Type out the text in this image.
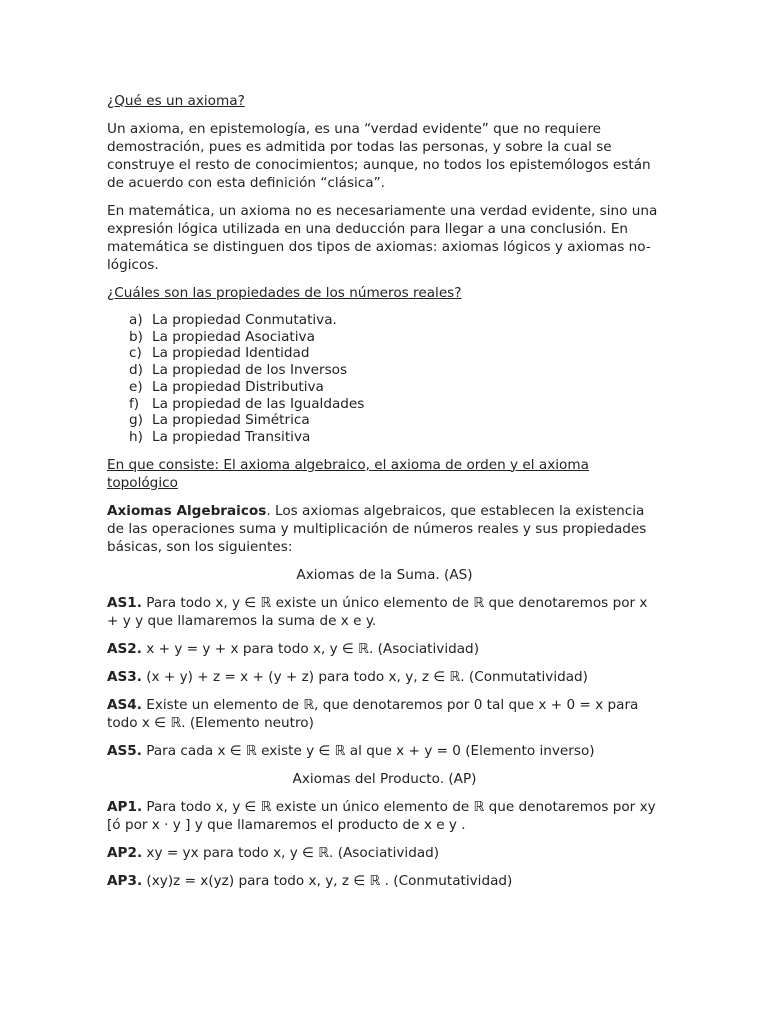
¿Qué es un axioma?

Un axioma, en epistemología, es una “verdad evidente” que no requiere demostración, pues es admitida por todas las personas, y sobre la cual se construye el resto de conocimientos; aunque, no todos los epistemólogos están de acuerdo con esta definición “clásica”.

En matemática, un axioma no es necesariamente una verdad evidente, sino una expresión lógica utilizada en una deducción para llegar a una conclusión. En matemática se distinguen dos tipos de axiomas: axiomas lógicos y axiomas no-lógicos.

¿Cuáles son las propiedades de los números reales?

a) La propiedad Conmutativa.
b) La propiedad Asociativa
c) La propiedad Identidad
d) La propiedad de los Inversos
e) La propiedad Distributiva
f) La propiedad de las Igualdades
g) La propiedad Simétrica
h) La propiedad Transitiva

En que consiste: El axioma algebraico, el axioma de orden y el axioma topológico

Axiomas Algebraicos. Los axiomas algebraicos, que establecen la existencia de las operaciones suma y multiplicación de números reales y sus propiedades básicas, son los siguientes:

Axiomas de la Suma. (AS)

AS1. Para todo x, y ∈ ℝ existe un único elemento de ℝ que denotaremos por x + y y que llamaremos la suma de x e y.

AS2. x + y = y + x para todo x, y ∈ ℝ. (Asociatividad)

AS3. (x + y) + z = x + (y + z) para todo x, y, z ∈ ℝ. (Conmutatividad)

AS4. Existe un elemento de ℝ, que denotaremos por 0 tal que x + 0 = x para todo x ∈ ℝ. (Elemento neutro)

AS5. Para cada x ∈ ℝ existe y ∈ ℝ al que x + y = 0 (Elemento inverso)

Axiomas del Producto. (AP)

AP1. Para todo x, y ∈ ℝ existe un único elemento de ℝ que denotaremos por xy [ó por x · y ] y que llamaremos el producto de x e y .

AP2. xy = yx para todo x, y ∈ ℝ. (Asociatividad)

AP3. (xy)z = x(yz) para todo x, y, z ∈ ℝ . (Conmutatividad)
